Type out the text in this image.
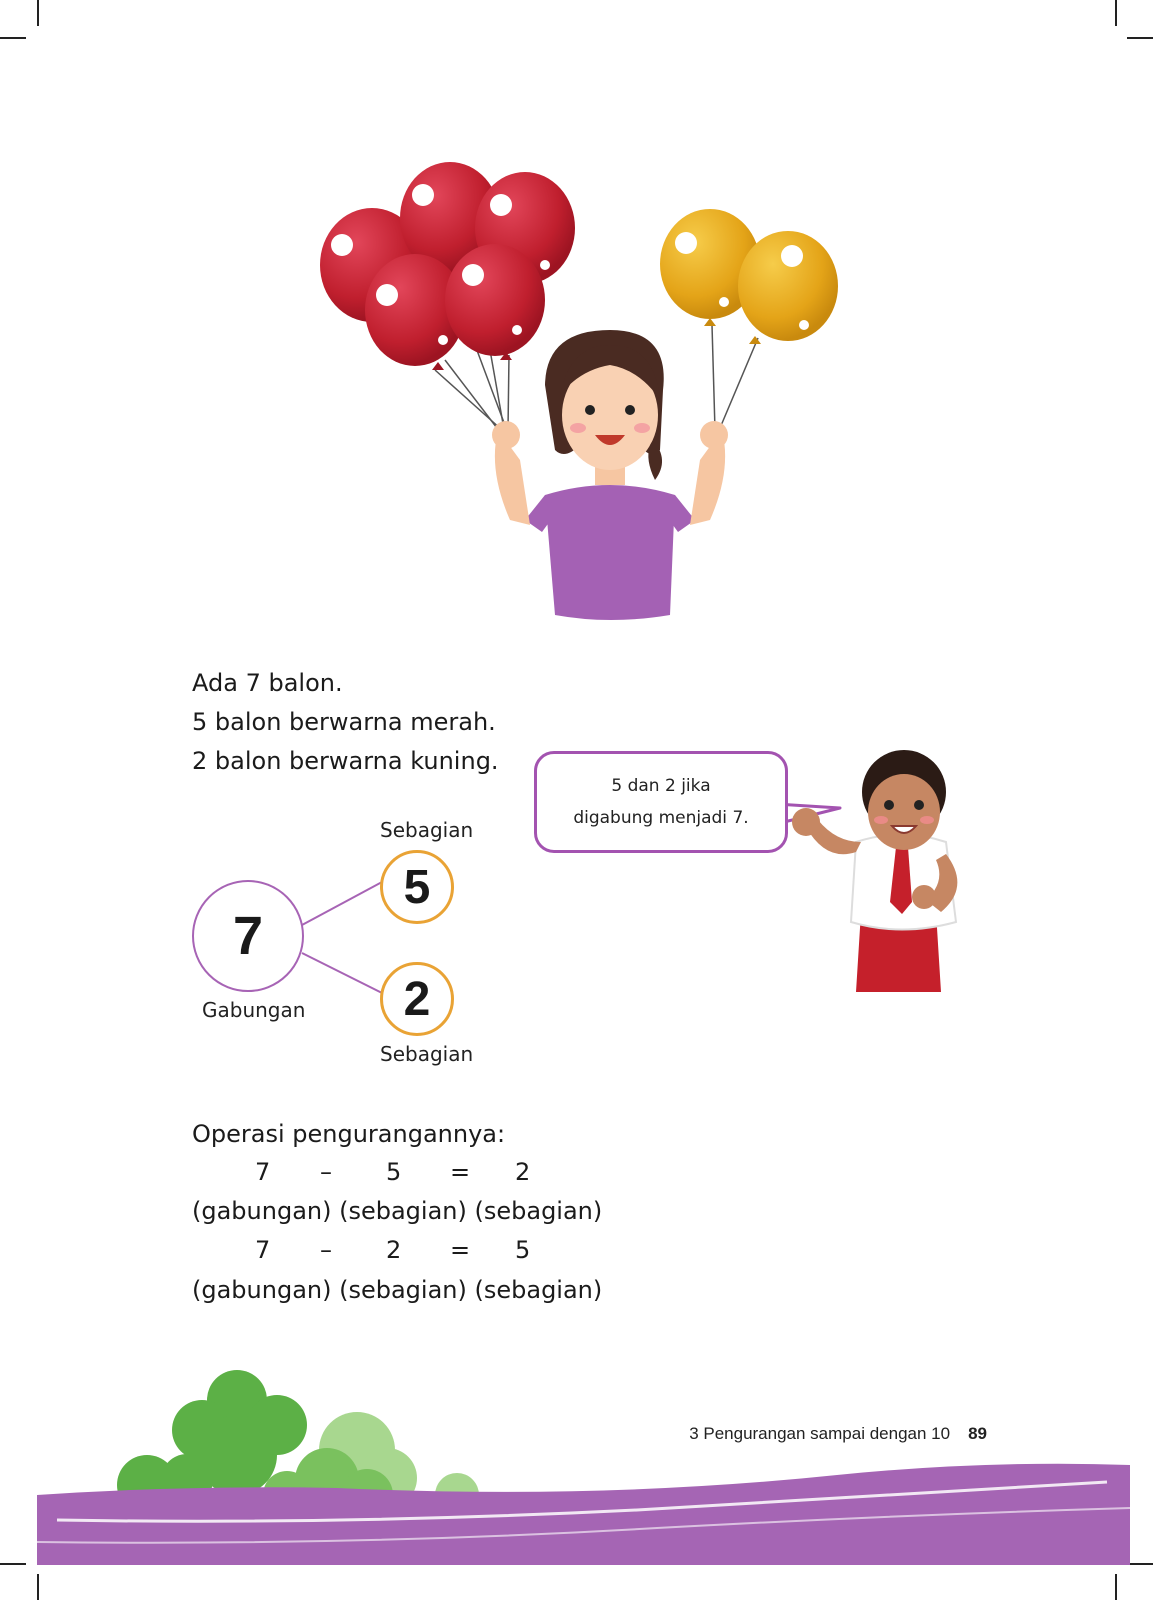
Ada 7 balon.
5 balon berwarna merah.
2 balon berwarna kuning.
7
Gabungan
Sebagian
5
2
Sebagian
5 dan 2 jika
digabung menjadi 7.
Operasi pengurangannya:
7 – 5 = 2
(gabungan) (sebagian) (sebagian)
7 – 2 = 5
(gabungan) (sebagian) (sebagian)
3 Pengurangan sampai dengan 10 89
